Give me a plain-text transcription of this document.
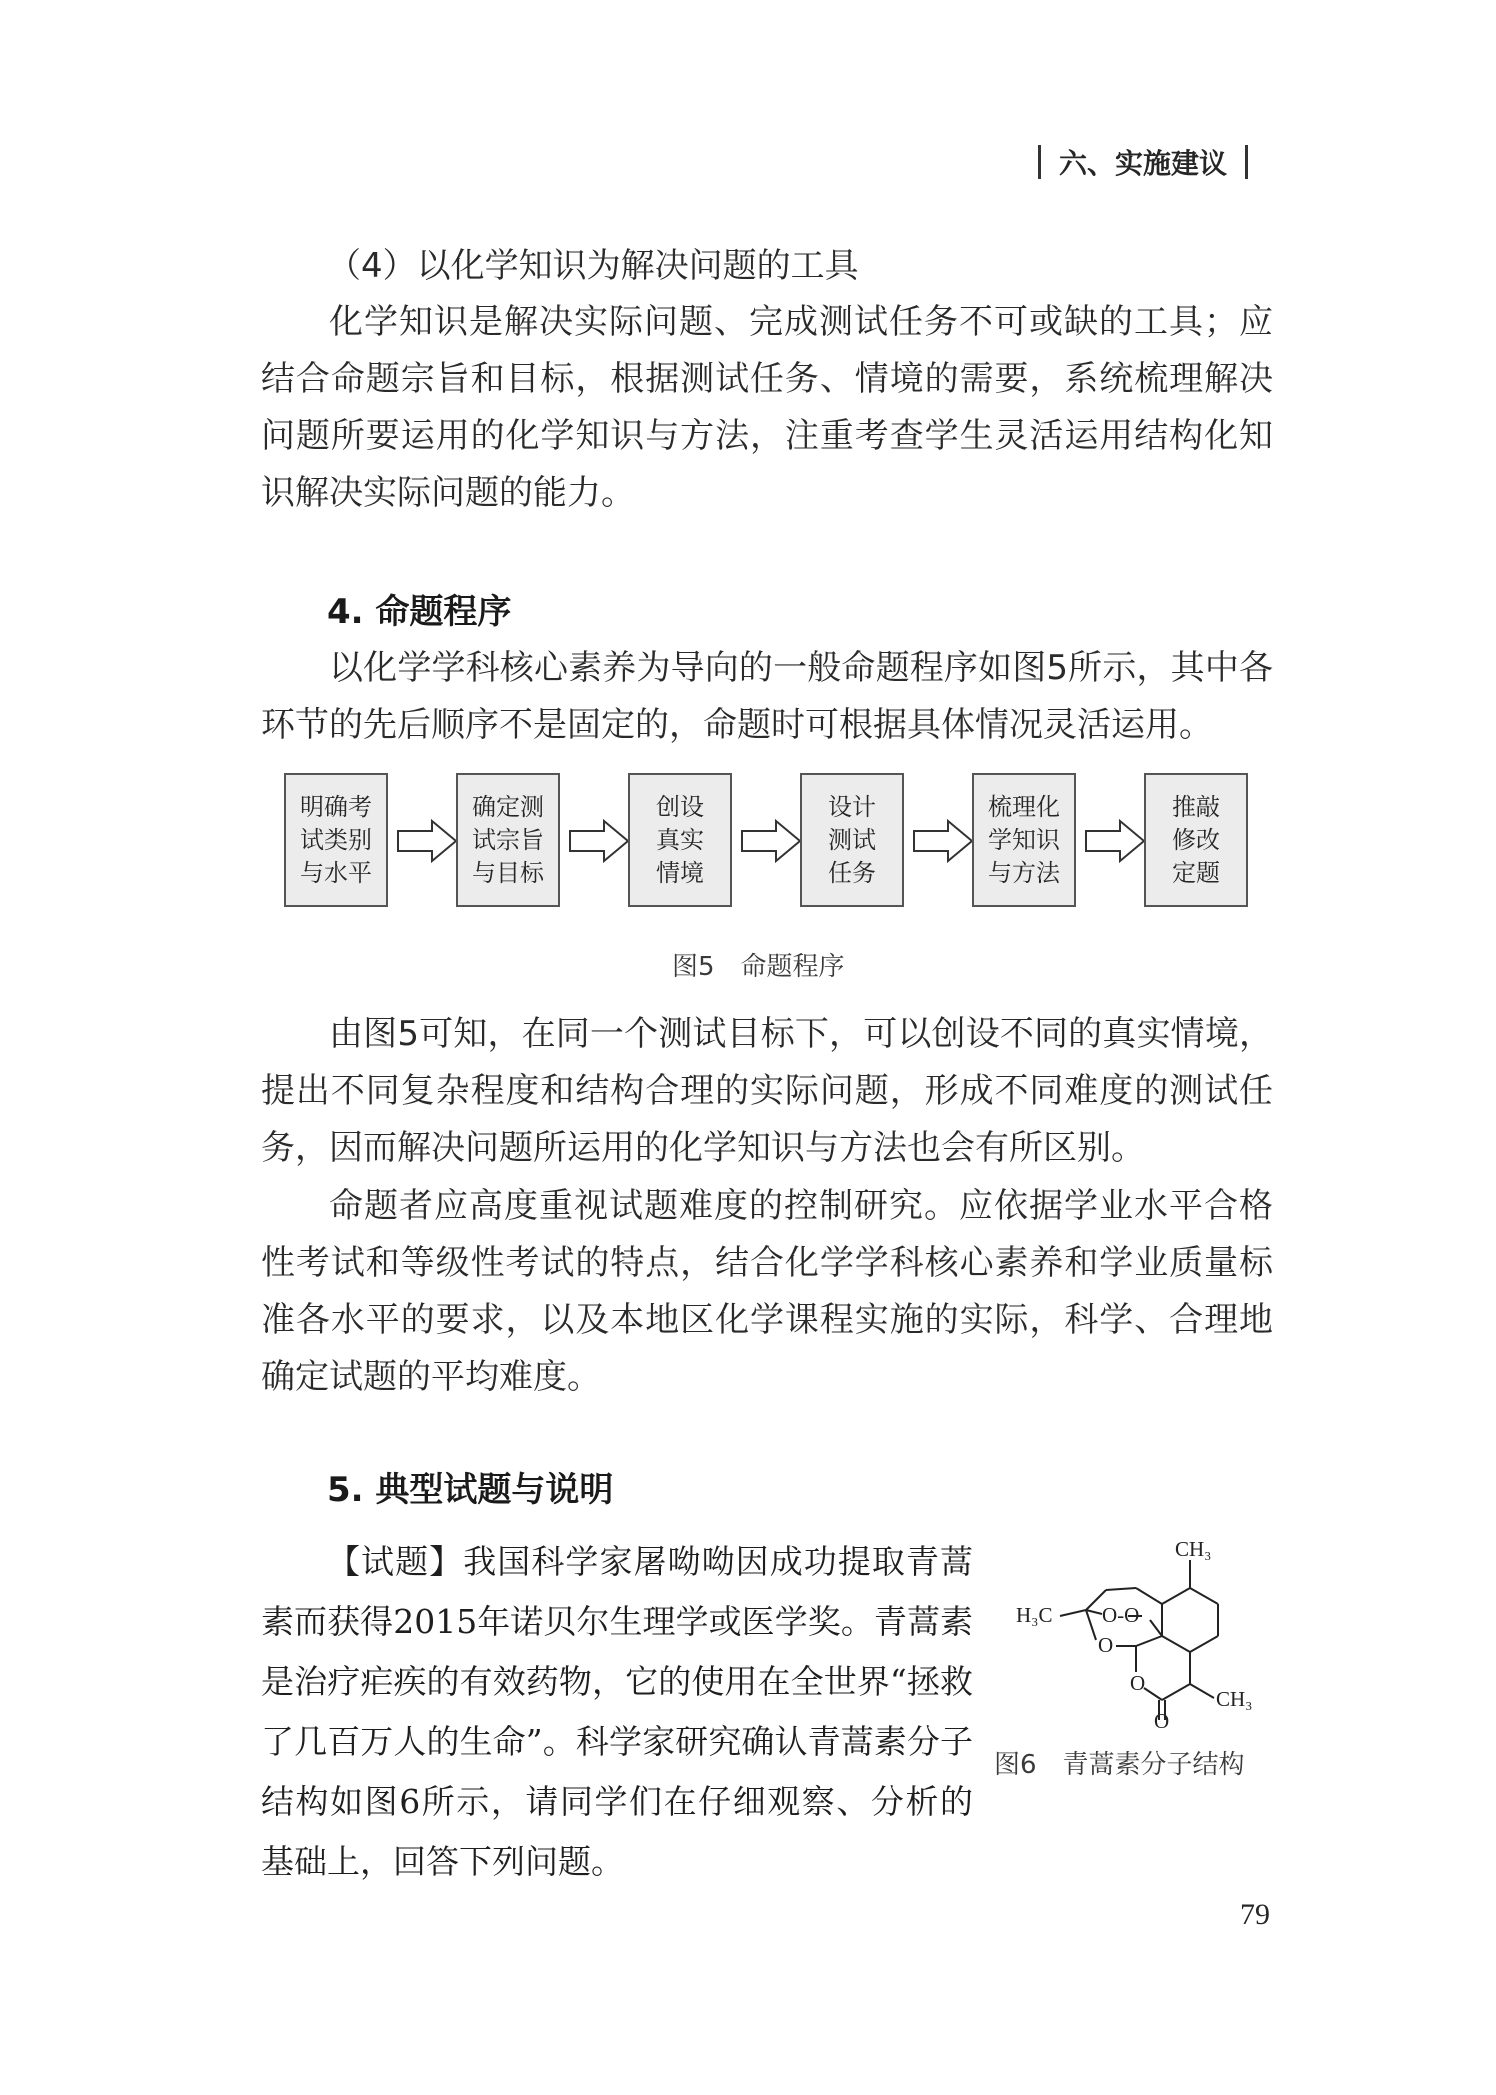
六、实施建议
（4）以化学知识为解决问题的工具

化学知识是解决实际问题、完成测试任务不可或缺的工具；应结合命题宗旨和目标，根据测试任务、情境的需要，系统梳理解决问题所要运用的化学知识与方法，注重考查学生灵活运用结构化知识解决实际问题的能力。

4. 命题程序

以化学学科核心素养为导向的一般命题程序如图5所示，其中各环节的先后顺序不是固定的，命题时可根据具体情况灵活运用。

明确考
试类别
与水平
确定测
试宗旨
与目标
创设
真实
情境
设计
测试
任务
梳理化
学知识
与方法
推敲
修改
定题
图5　命题程序

由图5可知，在同一个测试目标下，可以创设不同的真实情境，提出不同复杂程度和结构合理的实际问题，形成不同难度的测试任务，因而解决问题所运用的化学知识与方法也会有所区别。

命题者应高度重视试题难度的控制研究。应依据学业水平合格性考试和等级性考试的特点，结合化学学科核心素养和学业质量标准各水平的要求，以及本地区化学课程实施的实际，科学、合理地确定试题的平均难度。

5. 典型试题与说明

【试题】我国科学家屠呦呦因成功提取青蒿素而获得2015年诺贝尔生理学或医学奖。青蒿素是治疗疟疾的有效药物，它的使用在全世界“拯救了几百万人的生命”。科学家研究确认青蒿素分子结构如图6所示，请同学们在仔细观察、分析的基础上，回答下列问题。

O-O
O
O
CH₃
H₃C
CH₃
O
图6　青蒿素分子结构
79
